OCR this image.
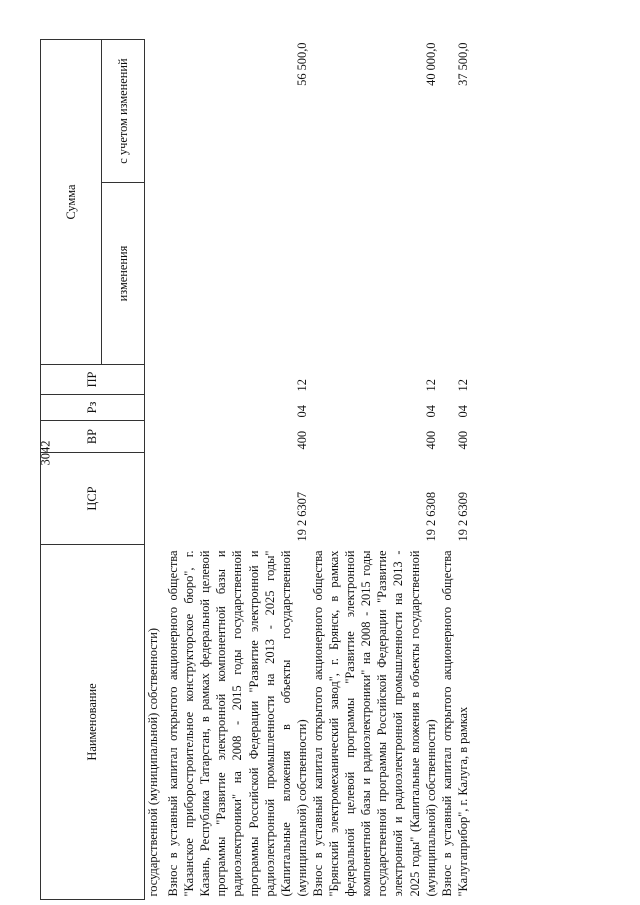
3042
Наименование	ЦСР	ВР	Рз	ПР	Сумма	
					изменения	с учетом изменений
государственной (муниципальной) собственности)						
Взнос в уставный капитал открытого акционерного общества "Казанское приборостроительное конструкторское бюро", г. Казань, Республика Татарстан, в рамках федеральной целевой программы "Развитие электронной компонентной базы и радиоэлектроники" на 2008 - 2015 годы государственной программы Российской Федерации "Развитие электронной и радиоэлектронной промышленности на 2013 - 2025 годы" (Капитальные вложения в объекты государственной (муниципальной) собственности)	19 2 6307	400	04	12		56 500,0
Взнос в уставный капитал открытого акционерного общества "Брянский электромеханический завод", г. Брянск, в рамках федеральной целевой программы "Развитие электронной компонентной базы и радиоэлектроники" на 2008 - 2015 годы государственной программы Российской Федерации "Развитие электронной и радиоэлектронной промышленности на 2013 - 2025 годы" (Капитальные вложения в объекты государственной (муниципальной) собственности)	19 2 6308	400	04	12		40 000,0
Взнос в уставный капитал открытого акционерного общества "Калугаприбор", г. Калуга, в рамках	19 2 6309	400	04	12		37 500,0
